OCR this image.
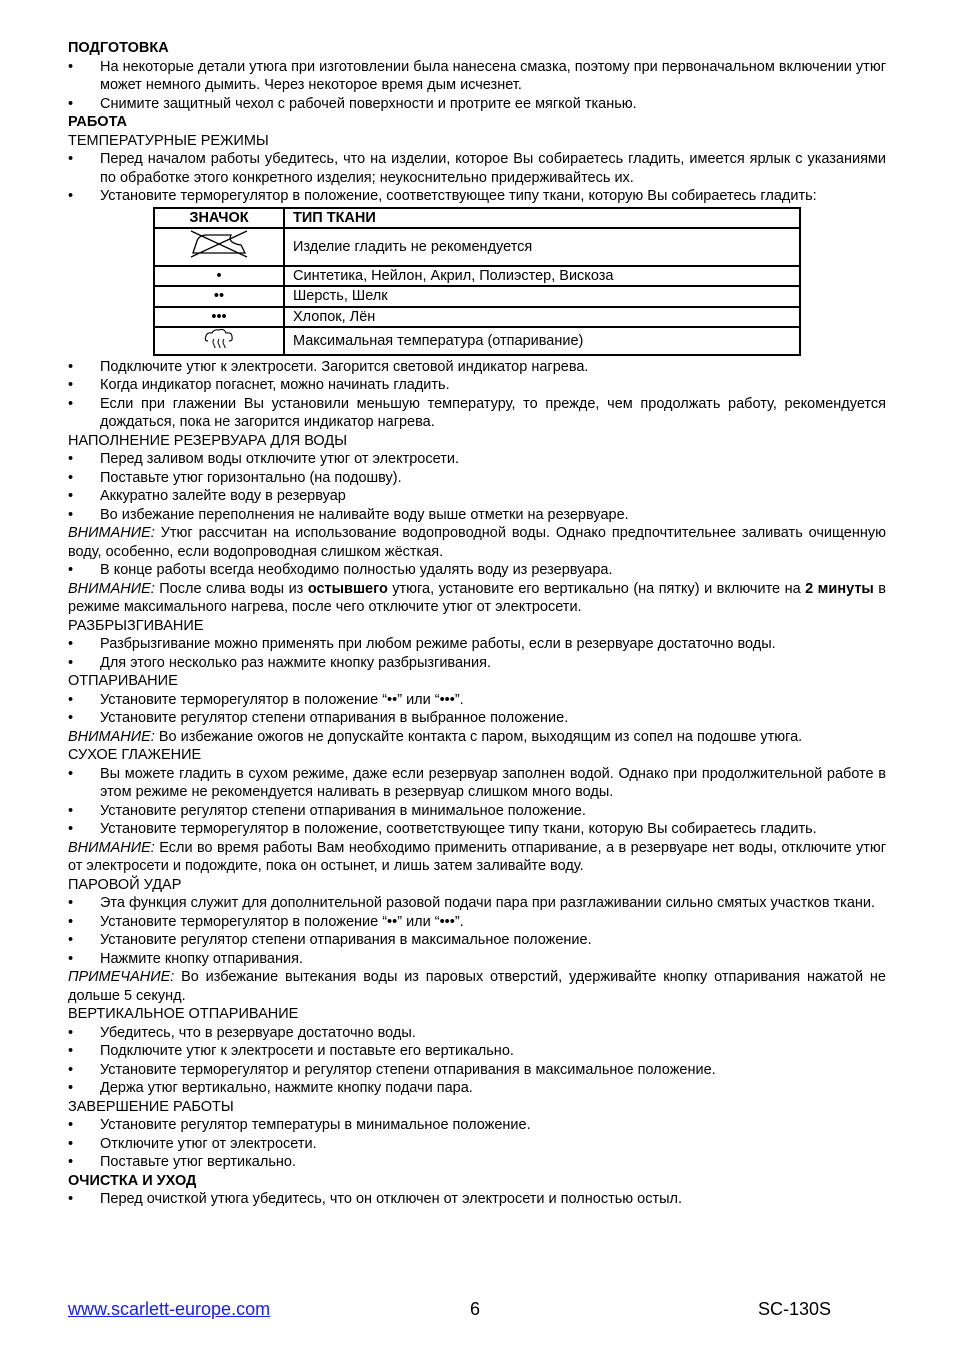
ПОДГОТОВКА
• На некоторые детали утюга при изготовлении была нанесена смазка, поэтому при первоначальном включении утюг может немного дымить. Через некоторое время дым исчезнет.
• Снимите защитный чехол с рабочей поверхности и протрите ее мягкой тканью.
РАБОТА
ТЕМПЕРАТУРНЫЕ РЕЖИМЫ
• Перед началом работы убедитесь, что на изделии, которое Вы собираетесь гладить, имеется ярлык с указаниями по обработке этого конкретного изделия; неукоснительно придерживайтесь их.
• Установите терморегулятор в положение, соответствующее типу ткани, которую Вы собираетесь гладить:
ЗНАЧОК	ТИП ТКАНИ
	Изделие гладить не рекомендуется
•	Синтетика, Нейлон, Акрил, Полиэстер, Вискоза
••	Шерсть, Шелк
•••	Хлопок, Лён
	Максимальная температура (отпаривание)
• Подключите утюг к электросети. Загорится световой индикатор нагрева.
• Когда индикатор погаснет, можно начинать гладить.
• Если при глажении Вы установили меньшую температуру, то прежде, чем продолжать работу, рекомендуется дождаться, пока не загорится индикатор нагрева.
НАПОЛНЕНИЕ РЕЗЕРВУАРА ДЛЯ ВОДЫ
• Перед заливом воды отключите утюг от электросети.
• Поставьте утюг горизонтально (на подошву).
• Аккуратно залейте воду в резервуар
• Во избежание переполнения не наливайте воду выше отметки на резервуаре.
ВНИМАНИЕ: Утюг рассчитан на использование водопроводной воды. Однако предпочтительнее заливать очищенную воду, особенно, если водопроводная слишком жёсткая.
• В конце работы всегда необходимо полностью удалять воду из резервуара.
ВНИМАНИЕ: После слива воды из остывшего утюга, установите его вертикально (на пятку) и включите на 2 минуты в режиме максимального нагрева, после чего отключите утюг от электросети.
РАЗБРЫЗГИВАНИЕ
• Разбрызгивание можно применять при любом режиме работы, если в резервуаре достаточно воды.
• Для этого несколько раз нажмите кнопку разбрызгивания.
ОТПАРИВАНИЕ
• Установите терморегулятор в положение “••” или “•••”.
• Установите регулятор степени отпаривания в выбранное положение.
ВНИМАНИЕ: Во избежание ожогов не допускайте контакта с паром, выходящим из сопел на подошве утюга.
СУХОЕ ГЛАЖЕНИЕ
• Вы можете гладить в сухом режиме, даже если резервуар заполнен водой. Однако при продолжительной работе в этом режиме не рекомендуется наливать в резервуар слишком много воды.
• Установите регулятор степени отпаривания в минимальное положение.
• Установите терморегулятор в положение, соответствующее типу ткани, которую Вы собираетесь гладить.
ВНИМАНИЕ: Если во время работы Вам необходимо применить отпаривание, а в резервуаре нет воды, отключите утюг от электросети и подождите, пока он остынет, и лишь затем заливайте воду.
ПАРОВОЙ УДАР
• Эта функция служит для дополнительной разовой подачи пара при разглаживании сильно смятых участков ткани.
• Установите терморегулятор в положение “••” или “•••”.
• Установите регулятор степени отпаривания в максимальное положение.
• Нажмите кнопку отпаривания.
ПРИМЕЧАНИЕ: Во избежание вытекания воды из паровых отверстий, удерживайте кнопку отпаривания нажатой не дольше 5 секунд.
ВЕРТИКАЛЬНОЕ ОТПАРИВАНИЕ
• Убедитесь, что в резервуаре достаточно воды.
• Подключите утюг к электросети и поставьте его вертикально.
• Установите терморегулятор и регулятор степени отпаривания в максимальное положение.
• Держа утюг вертикально, нажмите кнопку подачи пара.
ЗАВЕРШЕНИЕ РАБОТЫ
• Установите регулятор температуры в минимальное положение.
• Отключите утюг от электросети.
• Поставьте утюг вертикально.
ОЧИСТКА И УХОД
• Перед очисткой утюга убедитесь, что он отключен от электросети и полностью остыл.
www.scarlett-europe.com	6	SC-130S
